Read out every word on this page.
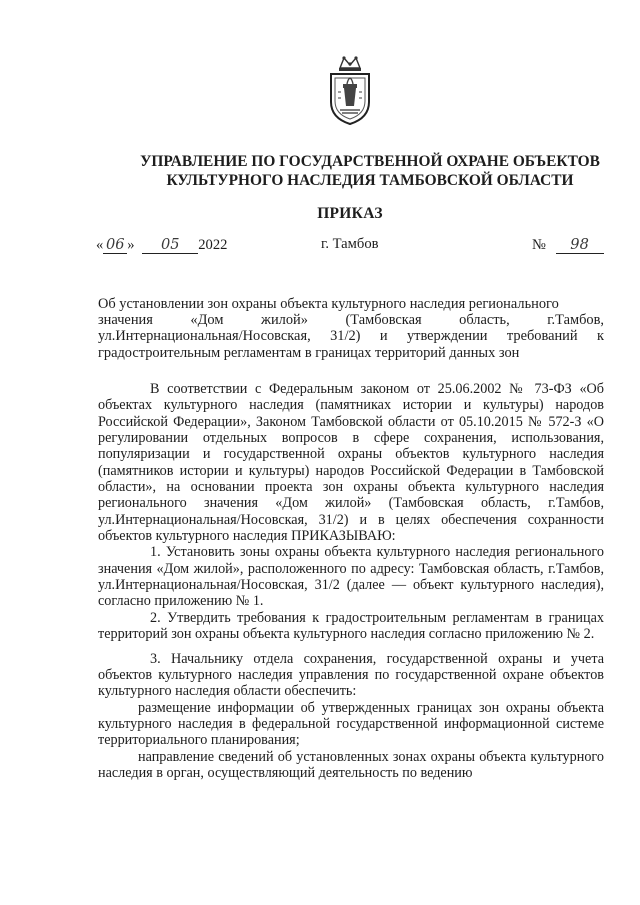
УПРАВЛЕНИЕ ПО ГОСУДАРСТВЕННОЙ ОХРАНЕ ОБЪЕКТОВ
КУЛЬТУРНОГО НАСЛЕДИЯ ТАМБОВСКОЙ ОБЛАСТИ
ПРИКАЗ
« 06 » 05 2022	г. Тамбов	№ 98
Об установлении зон охраны объекта культурного наследия регионального
значения «Дом жилой» (Тамбовская область, г.Тамбов,
ул.Интернациональная/Носовская, 31/2) и утверждении требований к
градостроительным регламентам в границах территорий данных зон

В соответствии с Федеральным законом от 25.06.2002 № 73-ФЗ «Об объектах культурного наследия (памятниках истории и культуры) народов Российской Федерации», Законом Тамбовской области от 05.10.2015 № 572-З «О регулировании отдельных вопросов в сфере сохранения, использования, популяризации и государственной охраны объектов культурного наследия (памятников истории и культуры) народов Российской Федерации в Тамбовской области», на основании проекта зон охраны объекта культурного наследия регионального значения «Дом жилой» (Тамбовская область, г.Тамбов, ул.Интернациональная/Носовская, 31/2) и в целях обеспечения сохранности объектов культурного наследия ПРИКАЗЫВАЮ:

1. Установить зоны охраны объекта культурного наследия регионального значения «Дом жилой», расположенного по адресу: Тамбовская область, г.Тамбов, ул.Интернациональная/Носовская, 31/2 (далее — объект культурного наследия), согласно приложению № 1.

2. Утвердить требования к градостроительным регламентам в границах территорий зон охраны объекта культурного наследия согласно приложению № 2.

3. Начальнику отдела сохранения, государственной охраны и учета объектов культурного наследия управления по государственной охране объектов культурного наследия области обеспечить:

размещение информации об утвержденных границах зон охраны объекта культурного наследия в федеральной государственной информационной системе территориального планирования;

направление сведений об установленных зонах охраны объекта культурного наследия в орган, осуществляющий деятельность по ведению
